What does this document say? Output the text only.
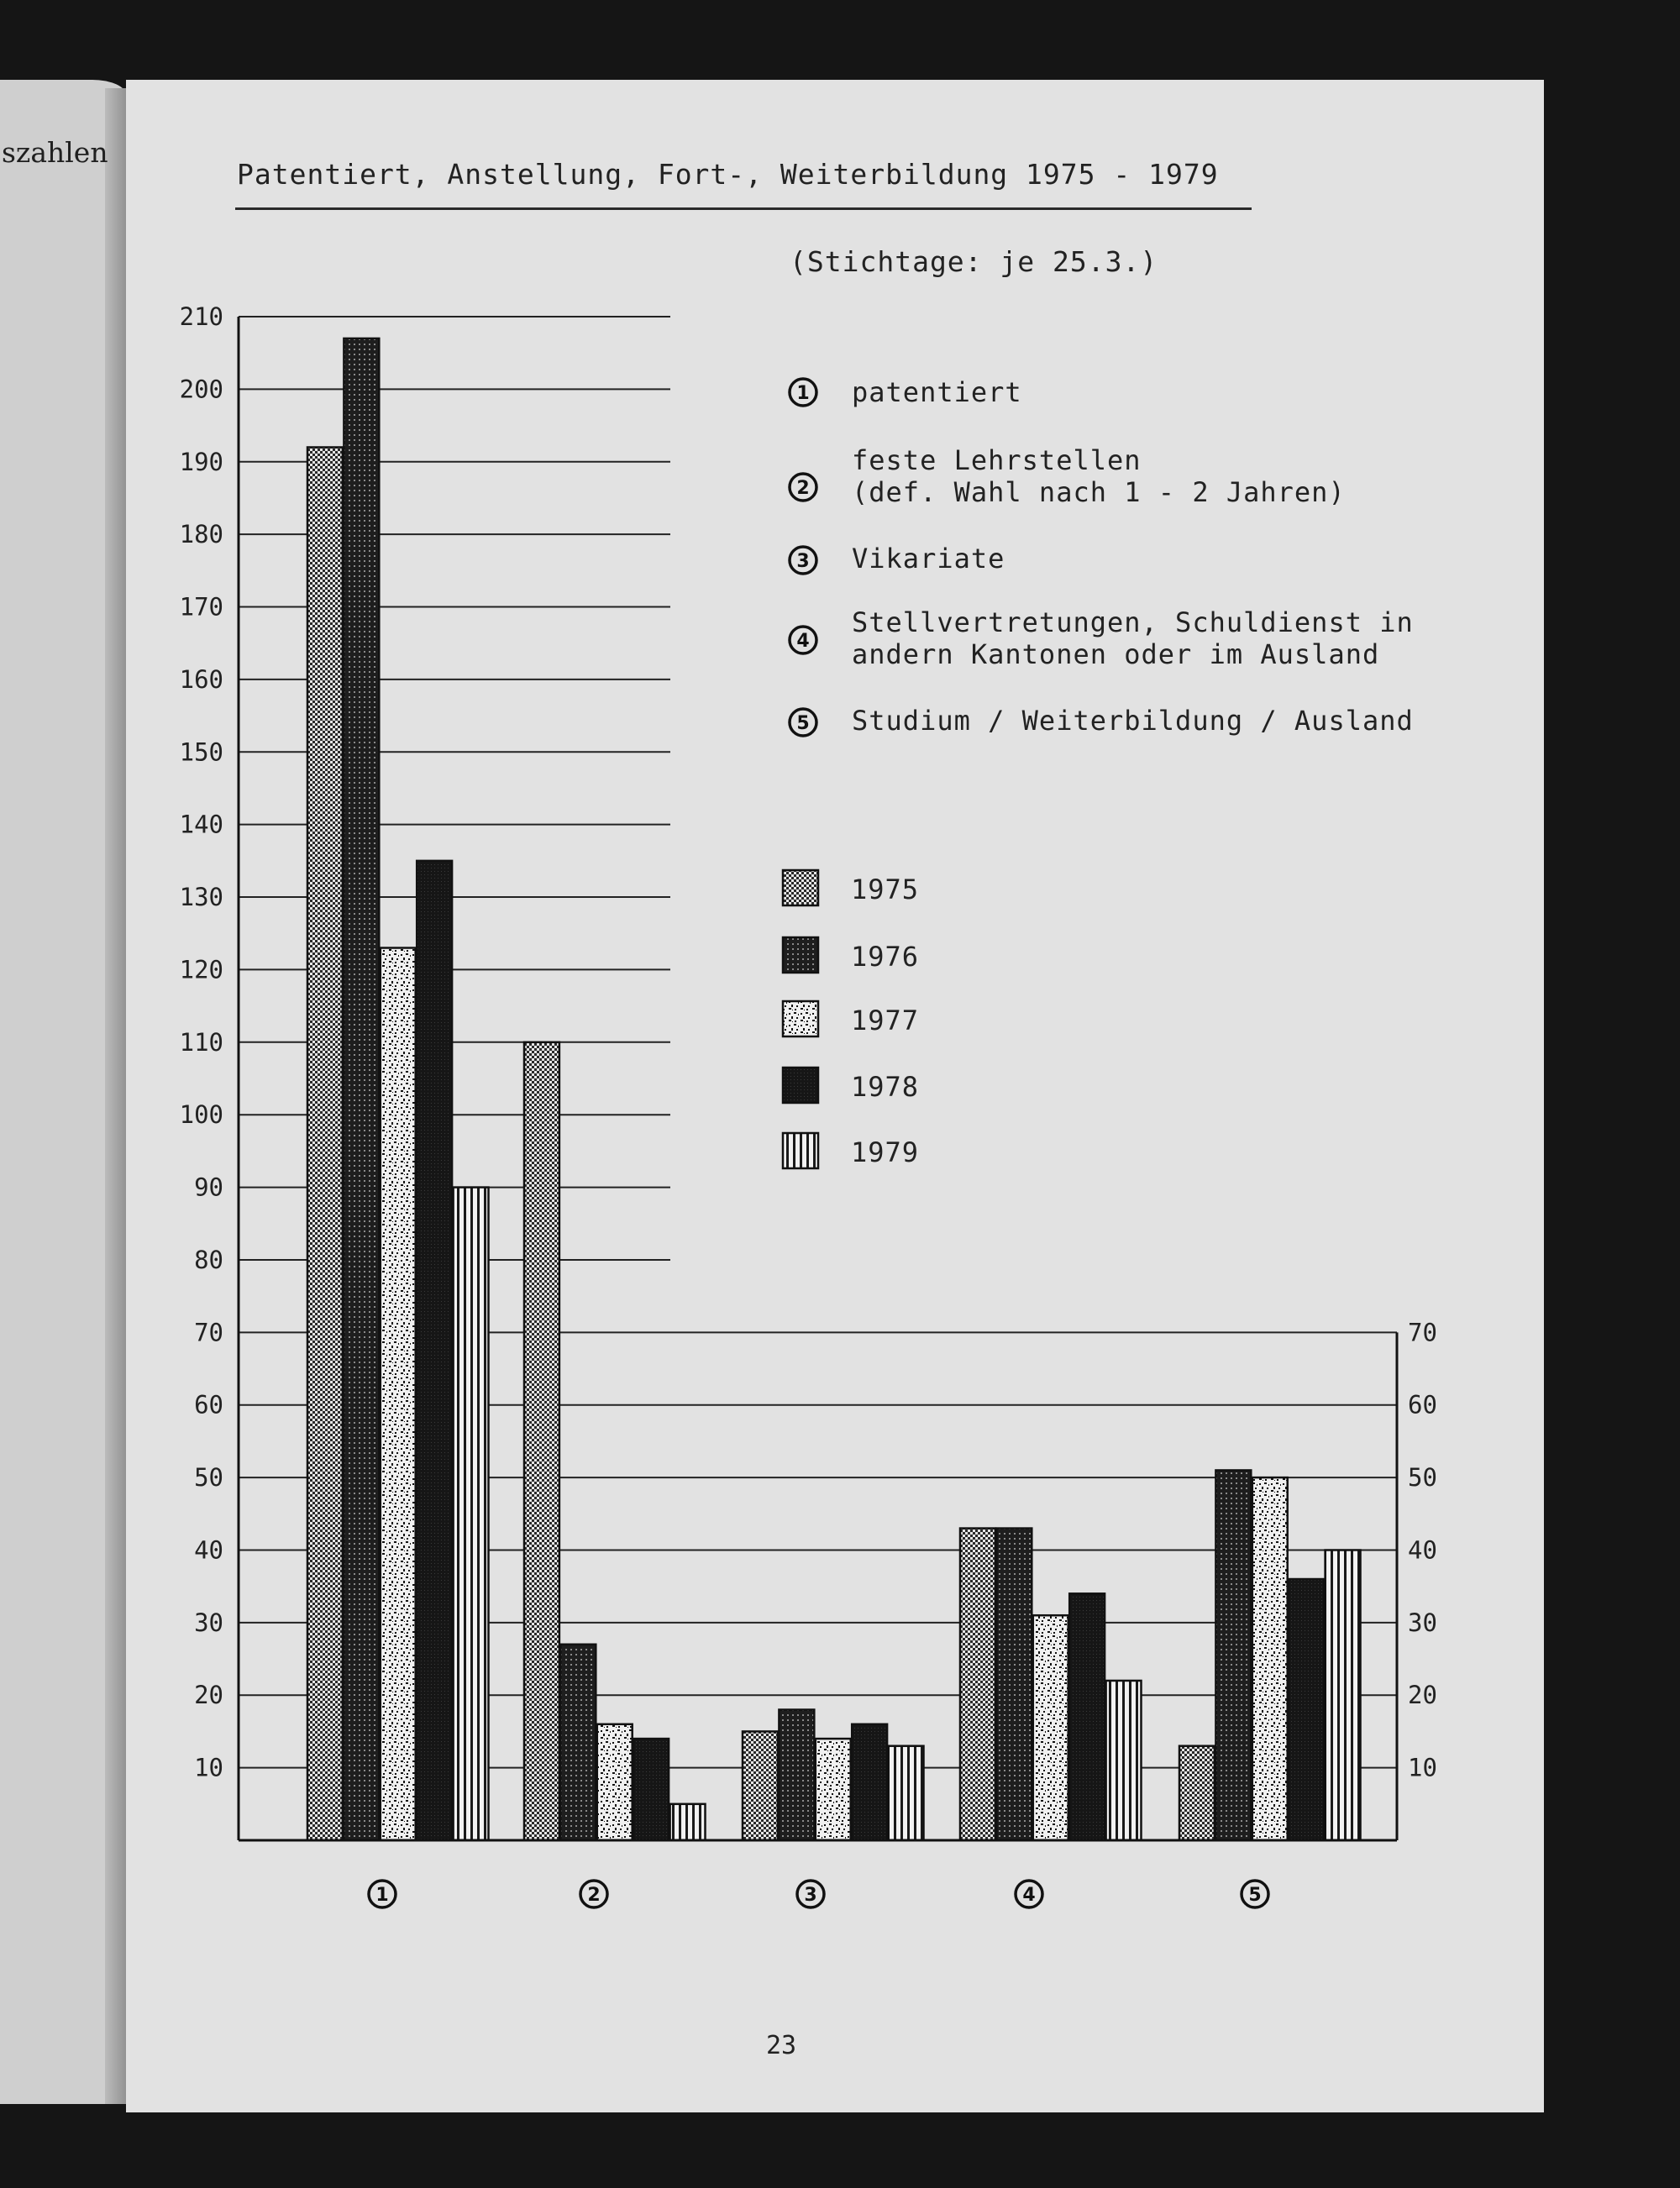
szahlen
Patentiert, Anstellung, Fort-, Weiterbildung 1975 - 1979
(Stichtage: je 25.3.)
10
20
30
40
50
60
70
80
90
100
110
120
130
140
150
160
170
180
190
200
210
10
20
30
40
50
60
70
1	2	3	4	5
1 patentiert
2
feste Lehrstellen
(def. Wahl nach 1 - 2 Jahren)
3 Vikariate
4
Stellvertretungen, Schuldienst in
andern Kantonen oder im Ausland
5 Studium / Weiterbildung / Ausland
1975
1976
1977
1978
1979
23
